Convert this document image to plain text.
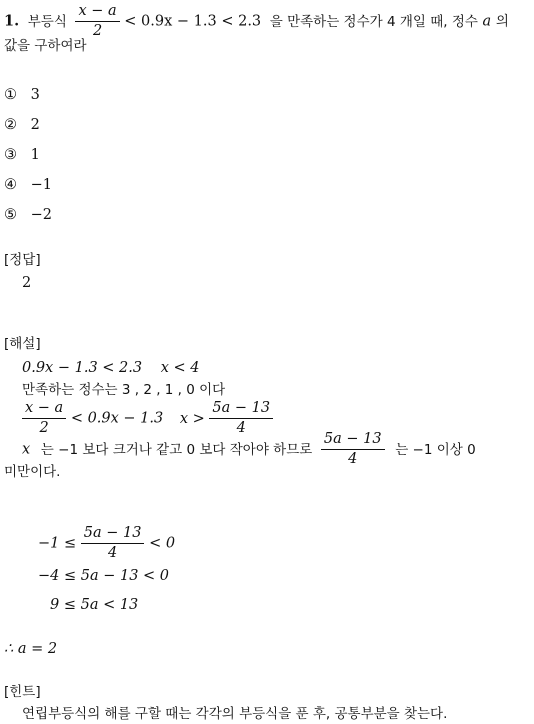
1. 부등식 $\frac{x - a}{2} < 0.9x - 1.3 < 2.3$ 을 만족하는 정수가 4 개일 때, 정수 a 의
값을 구하여라
① 3
② 2
③ 1
④ −1
⑤ −2
[정답]
2
[해설]
0.9x − 1.3 < 2.3 x < 4
만족하는 정수는 3 , 2 , 1 , 0 이다
$\frac{x - a}{2} < 0.9x - 1.3$ $x > \frac{5a - 13}{4}$
x 는 −1 보다 크거나 같고 0 보다 작아야 하므로 $\frac{5a - 13}{4}$ 는 −1 이상 0
미만이다.
$-1 \le \frac{5a - 13}{4} < 0$
−4 ≤ 5a − 13 < 0
9 ≤ 5a < 13
∴ a = 2
[힌트]
연립부등식의 해를 구할 때는 각각의 부등식을 푼 후, 공통부분을 찾는다.
